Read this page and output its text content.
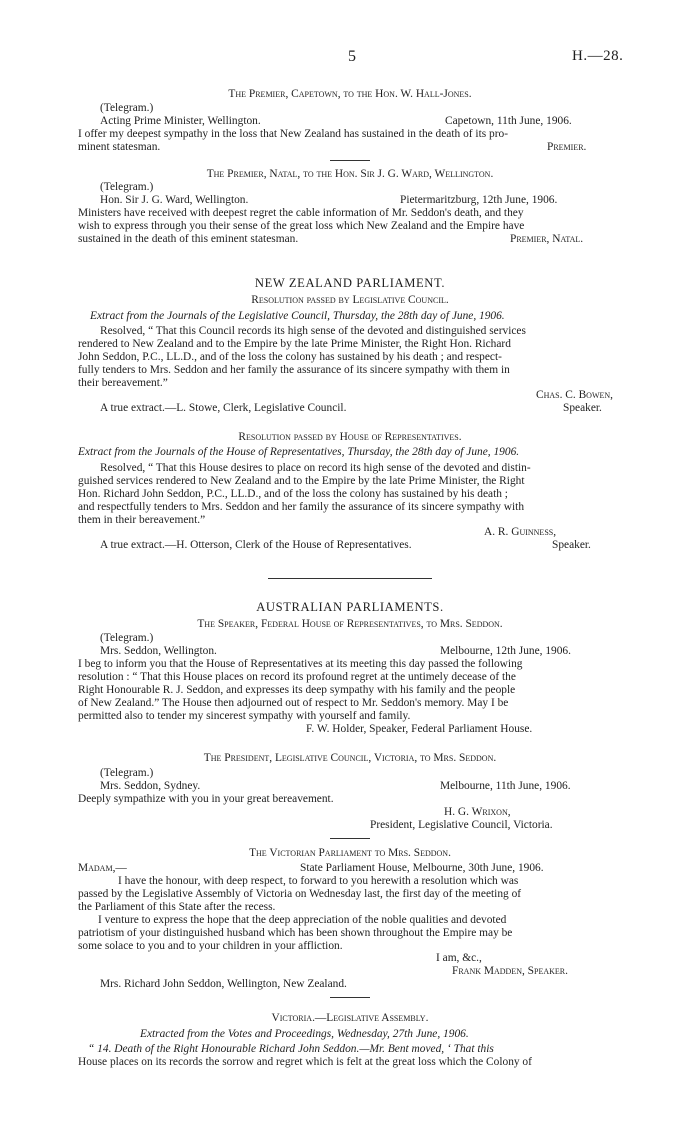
5	H.—28.
The Premier, Capetown, to the Hon. W. Hall-Jones.
(Telegram.)
Acting Prime Minister, Wellington.	Capetown, 11th June, 1906.
I offer my deepest sympathy in the loss that New Zealand has sustained in the death of its pro-
minent statesman.	Premier.
The Premier, Natal, to the Hon. Sir J. G. Ward, Wellington.
(Telegram.)
Hon. Sir J. G. Ward, Wellington.	Pietermaritzburg, 12th June, 1906.
Ministers have received with deepest regret the cable information of Mr. Seddon's death, and they
wish to express through you their sense of the great loss which New Zealand and the Empire have
sustained in the death of this eminent statesman.	Premier, Natal.
NEW ZEALAND PARLIAMENT.
Resolution passed by Legislative Council.
Extract from the Journals of the Legislative Council, Thursday, the 28th day of June, 1906.
Resolved, “ That this Council records its high sense of the devoted and distinguished services
rendered to New Zealand and to the Empire by the late Prime Minister, the Right Hon. Richard
John Seddon, P.C., LL.D., and of the loss the colony has sustained by his death ; and respect-
fully tenders to Mrs. Seddon and her family the assurance of its sincere sympathy with them in
their bereavement.”
Chas. C. Bowen,
A true extract.—L. Stowe, Clerk, Legislative Council.	Speaker.
Resolution passed by House of Representatives.
Extract from the Journals of the House of Representatives, Thursday, the 28th day of June, 1906.
Resolved, “ That this House desires to place on record its high sense of the devoted and distin-
guished services rendered to New Zealand and to the Empire by the late Prime Minister, the Right
Hon. Richard John Seddon, P.C., LL.D., and of the loss the colony has sustained by his death ;
and respectfully tenders to Mrs. Seddon and her family the assurance of its sincere sympathy with
them in their bereavement.”
A. R. Guinness,
A true extract.—H. Otterson, Clerk of the House of Representatives.	Speaker.
AUSTRALIAN PARLIAMENTS.
The Speaker, Federal House of Representatives, to Mrs. Seddon.
(Telegram.)
Mrs. Seddon, Wellington.	Melbourne, 12th June, 1906.
I beg to inform you that the House of Representatives at its meeting this day passed the following
resolution : “ That this House places on record its profound regret at the untimely decease of the
Right Honourable R. J. Seddon, and expresses its deep sympathy with his family and the people
of New Zealand.” The House then adjourned out of respect to Mr. Seddon's memory. May I be
permitted also to tender my sincerest sympathy with yourself and family.
F. W. Holder, Speaker, Federal Parliament House.
The President, Legislative Council, Victoria, to Mrs. Seddon.
(Telegram.)
Mrs. Seddon, Sydney.	Melbourne, 11th June, 1906.
Deeply sympathize with you in your great bereavement.
H. G. Wrixon,
President, Legislative Council, Victoria.
The Victorian Parliament to Mrs. Seddon.
Madam,—	State Parliament House, Melbourne, 30th June, 1906.
I have the honour, with deep respect, to forward to you herewith a resolution which was
passed by the Legislative Assembly of Victoria on Wednesday last, the first day of the meeting of
the Parliament of this State after the recess.
I venture to express the hope that the deep appreciation of the noble qualities and devoted
patriotism of your distinguished husband which has been shown throughout the Empire may be
some solace to you and to your children in your affliction.
I am, &c.,
Frank Madden, Speaker.
Mrs. Richard John Seddon, Wellington, New Zealand.
Victoria.—Legislative Assembly.
Extracted from the Votes and Proceedings, Wednesday, 27th June, 1906.
“ 14. Death of the Right Honourable Richard John Seddon.—Mr. Bent moved, ‘ That this
House places on its records the sorrow and regret which is felt at the great loss which the Colony of
